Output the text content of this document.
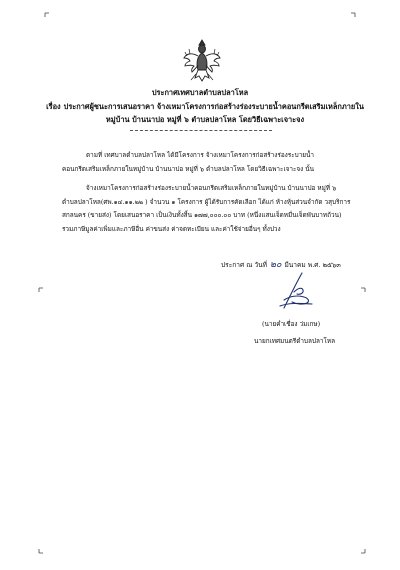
ประกาศเทศบาลตำบลปลาโหล
เรื่อง ประกาศผู้ชนะการเสนอราคา จ้างเหมาโครงการก่อสร้างร่องระบายน้ำคอนกรีตเสริมเหล็กภายในหมู่บ้าน บ้านนาปอ หมู่ที่ ๖ ตำบลปลาโหล โดยวิธีเฉพาะเจาะจง
ตามที่ เทศบาลตำบลปลาโหล ได้มีโครงการ จ้างเหมาโครงการก่อสร้างร่องระบายน้ำคอนกรีตเสริมเหล็กภายในหมู่บ้าน บ้านนาปอ หมู่ที่ ๖ ตำบลปลาโหล โดยวิธีเฉพาะเจาะจง นั้น
จ้างเหมาโครงการก่อสร้างร่องระบายน้ำคอนกรีตเสริมเหล็กภายในหมู่บ้าน บ้านนาปอ หมู่ที่ ๖ ตำบลปลาโหล(ศพ.๑๔.๑๑.๒๒ ) จำนวน ๑ โครงการ ผู้ได้รับการคัดเลือก ได้แก่ ห้างหุ้นส่วนจำกัด วสุบริการสกลนคร (ขายส่ง) โดยเสนอราคา เป็นเงินทั้งสิ้น ๑๗๗,๐๐๐.๐๐ บาท (หนึ่งแสนเจ็ดหมื่นเจ็ดพันบาทถ้วน) รวมภาษีมูลค่าเพิ่มและภาษีอื่น ค่าขนส่ง ค่าจดทะเบียน และค่าใช้จ่ายอื่นๆ ทั้งปวง
ประกาศ ณ วันที่ ๒๐ มีนาคม พ.ศ. ๒๕๖๓
(นายคำเชื่อง ว่มเกษ)
นายกเทศมนตรีตำบลปลาโหล
